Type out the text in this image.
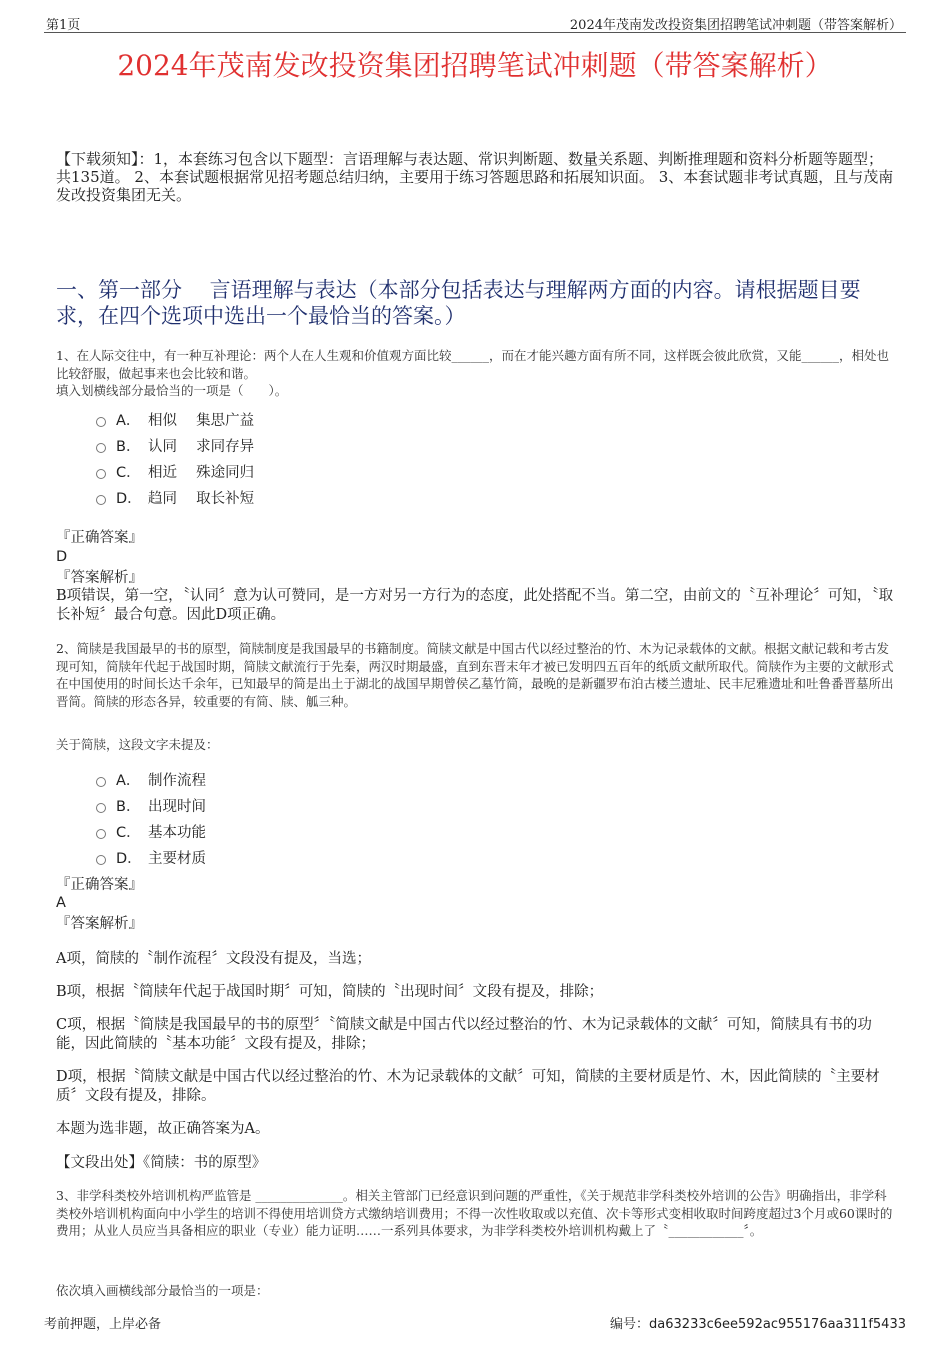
第1页	2024年茂南发改投资集团招聘笔试冲刺题（带答案解析）
2024年茂南发改投资集团招聘笔试冲刺题（带答案解析）
【下载须知】：1，本套练习包含以下题型：言语理解与表达题、常识判断题、数量关系题、判断推理题和资料分析题等题型；共135道。 2、本套试题根据常见招考题总结归纳，主要用于练习答题思路和拓展知识面。 3、本套试题非考试真题，且与茂南发改投资集团无关。
一、第一部分　 言语理解与表达（本部分包括表达与理解两方面的内容。请根据题目要求，在四个选项中选出一个最恰当的答案。）
1、在人际交往中，有一种互补理论：两个人在人生观和价值观方面比较______，而在才能兴趣方面有所不同，这样既会彼此欣赏，又能______，相处也比较舒服，做起事来也会比较和谐。
填入划横线部分最恰当的一项是（　　）。
A． 相似　 集思广益
B． 认同　 求同存异
C． 相近　 殊途同归
D． 趋同　 取长补短
『正确答案』
D
『答案解析』
B项错误，第一空，〝认同〞意为认可赞同，是一方对另一方行为的态度，此处搭配不当。第二空，由前文的〝互补理论〞可知，〝取长补短〞最合句意。因此D项正确。
2、简牍是我国最早的书的原型，简牍制度是我国最早的书籍制度。简牍文献是中国古代以经过整治的竹、木为记录载体的文献。根据文献记载和考古发现可知，简牍年代起于战国时期，简牍文献流行于先秦，两汉时期最盛，直到东晋末年才被已发明四五百年的纸质文献所取代。简牍作为主要的文献形式在中国使用的时间长达千余年，已知最早的简是出土于湖北的战国早期曾侯乙墓竹简，最晚的是新疆罗布泊古楼兰遗址、民丰尼雅遗址和吐鲁番晋墓所出晋简。简牍的形态各异，较重要的有简、牍、觚三种。
关于简牍，这段文字未提及：
A． 制作流程
B． 出现时间
C． 基本功能
D． 主要材质
『正确答案』
A
『答案解析』
A项，简牍的〝制作流程〞文段没有提及，当选；
B项，根据〝简牍年代起于战国时期〞可知，简牍的〝出现时间〞文段有提及，排除；
C项，根据〝简牍是我国最早的书的原型〞〝简牍文献是中国古代以经过整治的竹、木为记录载体的文献〞可知，简牍具有书的功能，因此简牍的〝基本功能〞文段有提及，排除；
D项，根据〝简牍文献是中国古代以经过整治的竹、木为记录载体的文献〞可知，简牍的主要材质是竹、木，因此简牍的〝主要材质〞文段有提及，排除。
本题为选非题，故正确答案为A。
【文段出处】《简牍：书的原型》
3、非学科类校外培训机构严监管是 ______________。相关主管部门已经意识到问题的严重性，《关于规范非学科类校外培训的公告》明确指出，非学科类校外培训机构面向中小学生的培训不得使用培训贷方式缴纳培训费用；不得一次性收取或以充值、次卡等形式变相收取时间跨度超过3个月或60课时的费用；从业人员应当具备相应的职业（专业）能力证明……一系列具体要求，为非学科类校外培训机构戴上了〝____________〞。
依次填入画横线部分最恰当的一项是：
考前押题，上岸必备	编号：da63233c6ee592ac955176aa311f5433
